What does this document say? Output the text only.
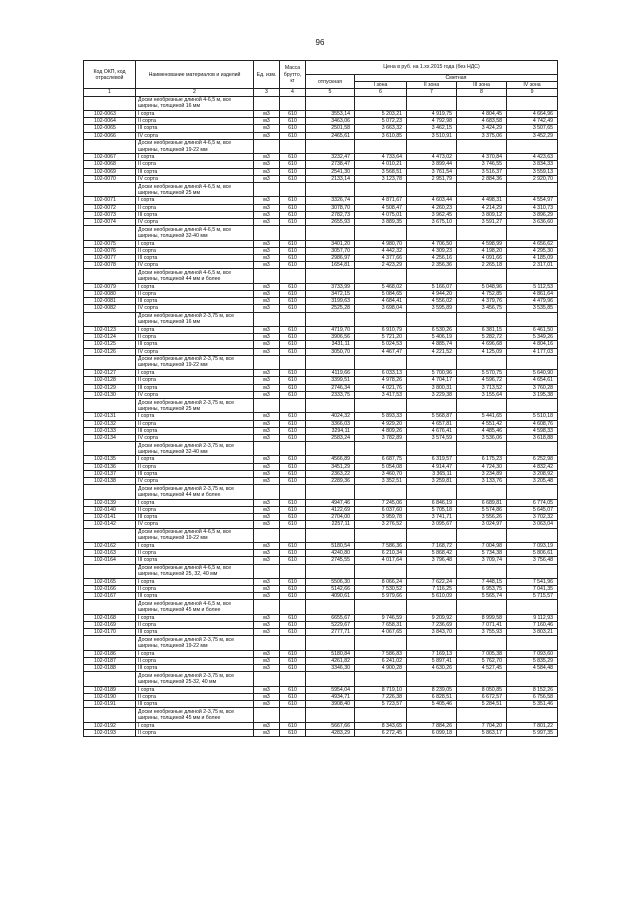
96
Код ОКП, код отраслевой	Наименование материалов и изделий	Ед. изм.	Масса брутто, кг	Цена в руб. на 1.хх.2015 года (без НДС)				
				отпускная	Сметная			
					I зона	II зона	III зона	IV зона
1	2	3	4	5	6	7	8	9
	Доски необрезные длиной 4-6,5 м, все ширины, толщиной 16 мм							
102-0063	I сорта	м3	610	3553,14	5 203,21	4 919,75	4 804,45	4 664,96
102-0064	II сорта	м3	610	3463,06	5 072,23	4 792,98	4 683,58	4 742,49
102-0065	III сорта	м3	610	2501,58	3 663,32	3 462,15	3 424,29	3 507,65
102-0066	IV сорта	м3	610	2465,61	3 610,85	3 510,91	3 375,06	3 452,29
	Доски необрезные длиной 4-6,5 м, все ширины, толщиной 19-22 мм							
102-0067	I сорта	м3	610	3232,47	4 733,64	4 473,02	4 370,84	4 423,63
102-0068	II сорта	м3	610	2738,47	4 010,21	3 899,44	3 746,55	3 834,33
102-0069	III сорта	м3	610	2541,30	3 568,51	3 761,54	3 516,37	3 559,13
102-0070	IV сорта	м3	610	2133,14	3 123,78	2 951,79	2 884,36	2 920,70
	Доски необрезные длиной 4-6,5 м, все ширины, толщиной 25 мм							
102-0071	I сорта	м3	610	3326,74	4 871,67	4 603,44	4 498,31	4 554,97
102-0072	II сорта	м3	610	3078,70	4 508,47	4 260,23	4 214,29	4 310,73
102-0073	III сорта	м3	610	2782,73	4 075,01	3 962,45	3 809,12	3 896,29
102-0074	IV сорта	м3	610	2655,93	3 889,35	3 675,10	3 591,27	3 636,60
	Доски необрезные длиной 4-6,5 м, все ширины, толщиной 32-40 мм							
102-0075	I сорта	м3	610	3401,20	4 980,70	4 706,50	4 598,99	4 656,62
102-0076	II сорта	м3	610	3057,70	4 442,32	4 309,23	4 198,20	4 295,30
102-0077	III сорта	м3	610	2986,97	4 377,66	4 256,16	4 091,66	4 185,09
102-0078	IV сорта	м3	610	1654,81	2 423,29	2 356,36	2 265,18	2 317,01
	Доски необрезные длиной 4-6,5 м, все ширины, толщиной 44 мм и более							
102-0079	I сорта	м3	610	3733,99	5 468,02	5 166,07	5 048,96	5 112,53
102-0080	II сорта	м3	610	3472,15	5 084,65	4 944,20	4 752,85	4 861,64
102-0081	III сорта	м3	610	3199,63	4 684,41	4 556,02	4 379,76	4 479,96
102-0082	IV сорта	м3	610	2525,28	3 698,04	3 595,89	3 456,75	3 535,85
	Доски необрезные длиной 2-3,75 м, все ширины, толщиной 16 мм							
102-0123	I сорта	м3	610	4719,70	6 910,79	6 530,26	6 381,15	6 461,50
102-0124	II сорта	м3	610	3906,56	5 721,20	5 406,19	5 282,72	5 349,26
102-0125	III сорта	м3	610	3431,11	5 024,53	4 885,74	4 696,68	4 804,16
102-0126	IV сорта	м3	610	3050,70	4 467,47	4 221,52	4 125,09	4 177,03
	Доски необрезные длиной 2-3,75 м, все ширины, толщиной 19-22 мм							
102-0127	I сорта	м3	610	4119,66	6 033,13	5 700,96	5 570,75	5 640,90
102-0128	II сорта	м3	610	3399,51	4 978,26	4 704,17	4 596,72	4 654,61
102-0129	III сорта	м3	610	2746,34	4 021,76	3 800,31	3 713,52	3 760,28
102-0130	IV сорта	м3	610	2333,75	3 417,53	3 229,38	3 155,64	3 195,38
	Доски необрезные длиной 2-3,75 м, все ширины, толщиной 25 мм							
102-0131	I сорта	м3	610	4024,32	5 893,33	5 568,87	5 441,65	5 510,18
102-0132	II сорта	м3	610	3366,03	4 929,20	4 657,81	4 551,42	4 608,76
102-0133	III сорта	м3	610	3294,11	4 809,26	4 676,41	4 485,46	4 598,33
102-0134	IV сорта	м3	610	2583,24	3 782,89	3 574,59	3 536,06	3 618,88
	Доски необрезные длиной 2-3,75 м, все ширины, толщиной 32-40 мм							
102-0135	I сорта	м3	610	4566,89	6 687,75	6 319,57	6 175,23	6 252,98
102-0136	II сорта	м3	610	3451,29	5 054,08	4 914,47	4 724,30	4 832,42
102-0137	III сорта	м3	610	2363,22	3 460,70	3 365,11	3 234,89	3 208,92
102-0138	IV сорта	м3	610	2289,36	3 352,51	3 259,81	3 133,76	3 205,48
	Доски необрезные длиной 2-3,75 м, все ширины, толщиной 44 мм и более							
102-0139	I сорта	м3	610	4947,46	7 245,06	6 846,19	6 689,81	6 774,05
102-0140	II сорта	м3	610	4122,69	6 037,60	5 705,18	5 574,86	5 645,07
102-0141	III сорта	м3	610	2704,00	3 959,78	3 741,71	3 556,26	3 702,32
102-0142	IV сорта	м3	610	2257,11	3 276,52	3 095,67	3 024,97	3 063,04
	Доски необрезные длиной 4-6,5 м, все ширины, толщиной 19-22 мм							
102-0162	I сорта	м3	610	5180,54	7 586,36	7 168,72	7 004,98	7 093,19
102-0163	II сорта	м3	610	4240,80	6 210,34	5 868,42	5 734,38	5 806,61
102-0164	III сорта	м3	610	2745,55	4 017,64	3 796,48	3 709,74	3 756,48
	Доски необрезные длиной 4-6,5 м, все ширины, толщиной 25, 32, 40 мм							
102-0165	I сорта	м3	610	5506,30	8 066,24	7 622,24	7 448,15	7 541,96
102-0166	II сорта	м3	610	5142,66	7 530,52	7 116,25	6 953,75	7 041,35
102-0167	III сорта	м3	610	4090,61	5 979,66	5 610,09	5 565,74	5 715,57
	Доски необрезные длиной 4-6,5 м, все ширины, толщиной 45 мм и более							
102-0168	I сорта	м3	610	6655,67	9 746,59	9 209,92	8 999,58	9 112,93
102-0169	II сорта	м3	610	5229,67	7 658,31	7 236,69	7 071,41	7 160,46
102-0170	III сорта	м3	610	2777,71	4 067,65	3 843,70	3 755,93	3 803,21
	Доски необрезные длиной 2-3,75 м, все ширины, толщиной 19-22 мм							
102-0186	I сорта	м3	610	5180,84	7 586,83	7 169,13	7 005,38	7 093,60
102-0187	II сорта	м3	610	4261,82	6 241,02	5 897,41	5 762,70	5 835,29
102-0188	III сорта	м3	610	3346,30	4 900,28	4 630,26	4 527,45	4 584,48
	Доски необрезные длиной 2-3,75 м, все ширины, толщиной 25-32, 40 мм							
102-0189	I сорта	м3	610	5954,04	8 719,10	8 239,05	8 050,85	8 152,26
102-0190	II сорта	м3	610	4934,71	7 226,38	6 828,51	6 672,57	6 756,58
102-0191	III сорта	м3	610	3908,40	5 723,57	5 405,46	5 284,51	5 351,46
	Доски необрезные длиной 2-3,75 м, все ширины, толщиной 45 мм и более							
102-0192	I сорта	м3	610	5667,66	8 343,65	7 884,26	7 704,20	7 801,22
102-0193	II сорта	м3	610	4283,29	6 272,45	6 099,18	5 863,17	5 997,35
